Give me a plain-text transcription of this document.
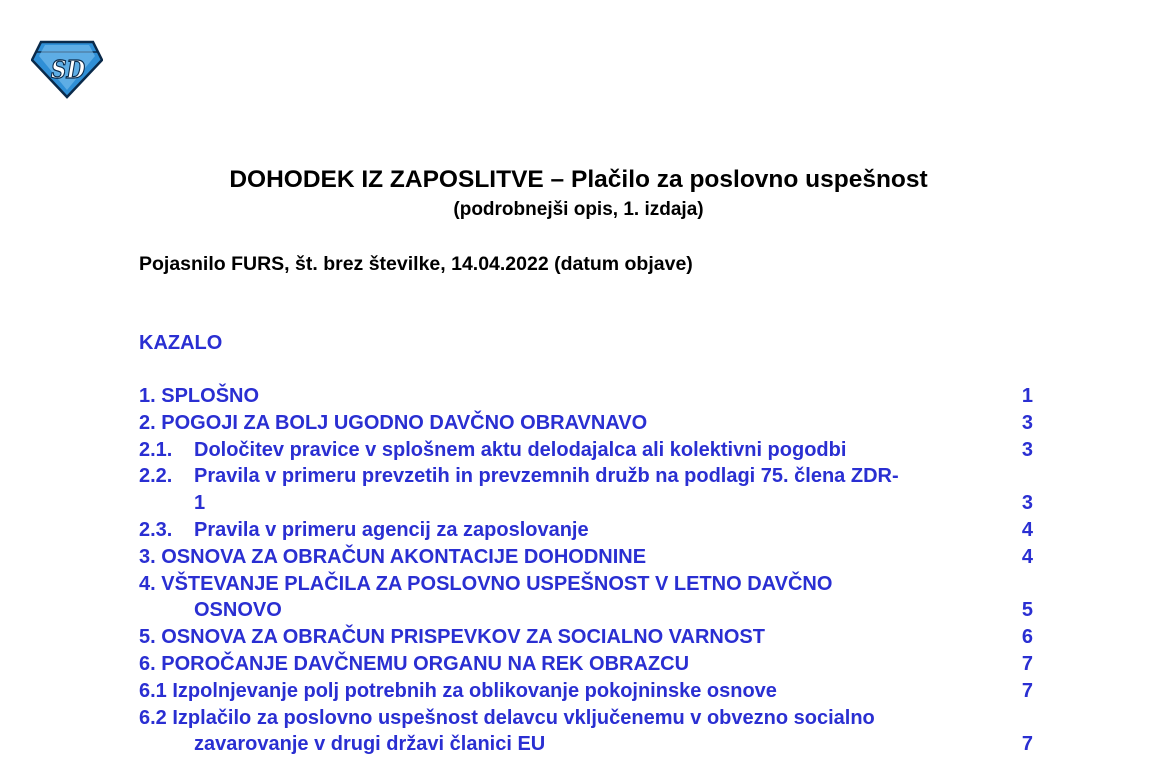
SD
DOHODEK IZ ZAPOSLITVE – Plačilo za poslovno uspešnost
(podrobnejši opis, 1. izdaja)
Pojasnilo FURS, št. brez številke, 14.04.2022 (datum objave)
KAZALO
1. SPLOŠNO	1
2. POGOJI ZA BOLJ UGODNO DAVČNO OBRAVNAVO	3
2.1. Določitev pravice v splošnem aktu delodajalca ali kolektivni pogodbi	3
2.2. Pravila v primeru prevzetih in prevzemnih družb na podlagi 75. člena ZDR-
1	3
2.3. Pravila v primeru agencij za zaposlovanje	4
3. OSNOVA ZA OBRAČUN AKONTACIJE DOHODNINE	4
4. VŠTEVANJE PLAČILA ZA POSLOVNO USPEŠNOST V LETNO DAVČNO
OSNOVO	5
5. OSNOVA ZA OBRAČUN PRISPEVKOV ZA SOCIALNO VARNOST	6
6. POROČANJE DAVČNEMU ORGANU NA REK OBRAZCU	7
6.1 Izpolnjevanje polj potrebnih za oblikovanje pokojninske osnove	7
6.2 Izplačilo za poslovno uspešnost delavcu vključenemu v obvezno socialno
zavarovanje v drugi državi članici EU	7
